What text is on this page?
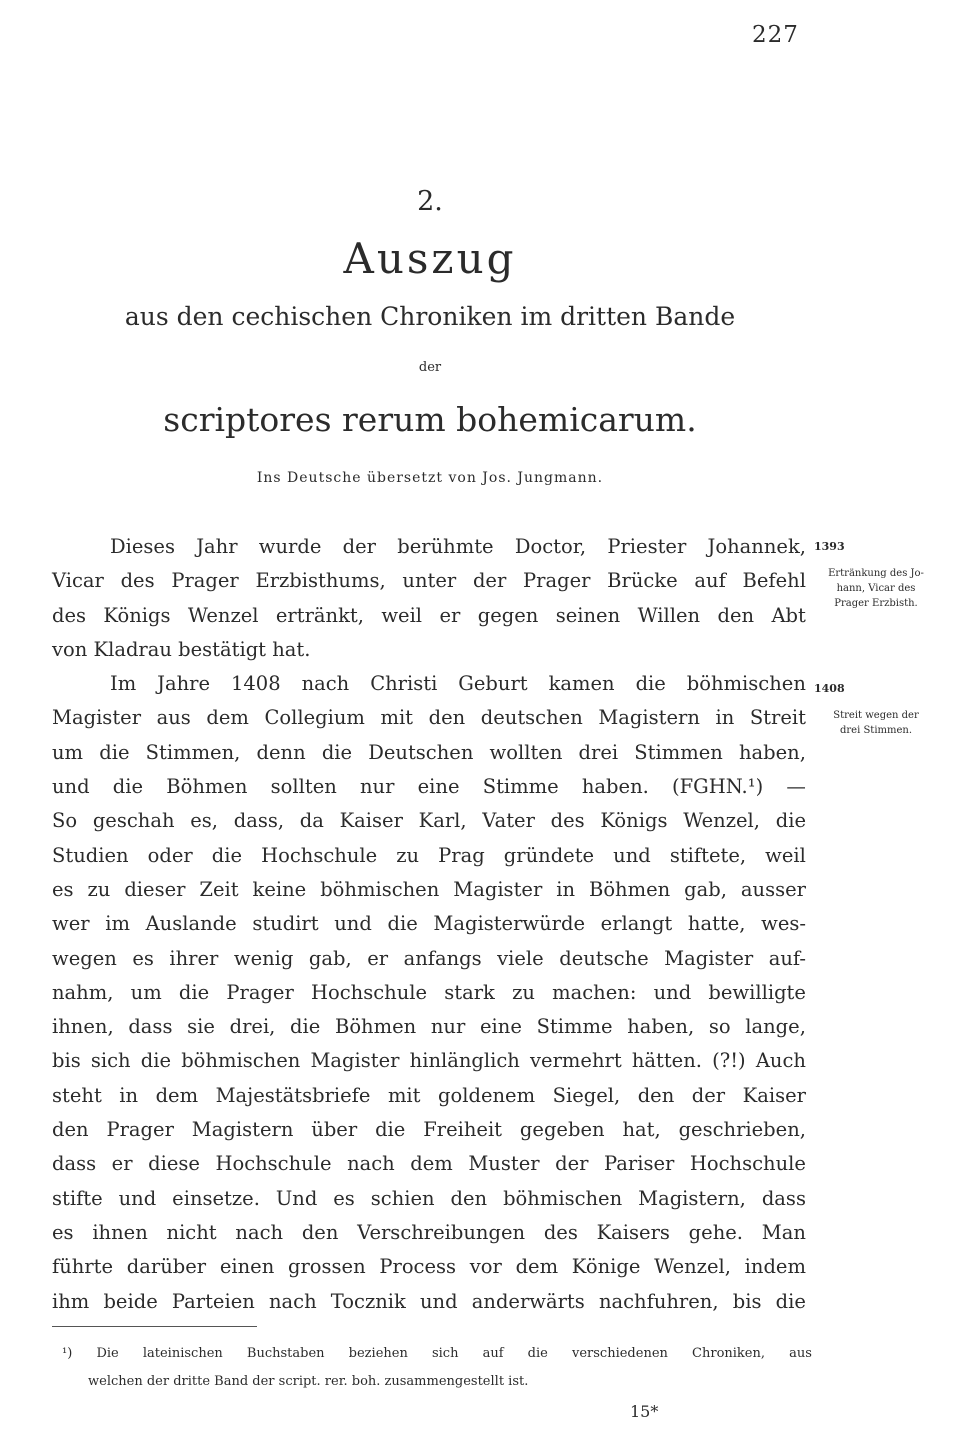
227
2.
Auszug
aus den cechischen Chroniken im dritten Bande
der
scriptores rerum bohemicarum.
Ins Deutsche übersetzt von Jos. Jungmann.
Dieses Jahr wurde der berühmte Doctor, Priester Johannek,
Vicar des Prager Erzbisthums, unter der Prager Brücke auf Befehl
des Königs Wenzel ertränkt, weil er gegen seinen Willen den Abt
von Kladrau bestätigt hat.
Im Jahre 1408 nach Christi Geburt kamen die böhmischen
Magister aus dem Collegium mit den deutschen Magistern in Streit
um die Stimmen, denn die Deutschen wollten drei Stimmen haben,
und die Böhmen sollten nur eine Stimme haben. (FGHN.¹) —
So geschah es, dass, da Kaiser Karl, Vater des Königs Wenzel, die
Studien oder die Hochschule zu Prag gründete und stiftete, weil
es zu dieser Zeit keine böhmischen Magister in Böhmen gab, ausser
wer im Auslande studirt und die Magisterwürde erlangt hatte, wes-
wegen es ihrer wenig gab, er anfangs viele deutsche Magister auf-
nahm, um die Prager Hochschule stark zu machen: und bewilligte
ihnen, dass sie drei, die Böhmen nur eine Stimme haben, so lange,
bis sich die böhmischen Magister hinlänglich vermehrt hätten. (?!) Auch
steht in dem Majestätsbriefe mit goldenem Siegel, den der Kaiser
den Prager Magistern über die Freiheit gegeben hat, geschrieben,
dass er diese Hochschule nach dem Muster der Pariser Hochschule
stifte und einsetze. Und es schien den böhmischen Magistern, dass
es ihnen nicht nach den Verschreibungen des Kaisers gehe. Man
führte darüber einen grossen Process vor dem Könige Wenzel, indem
ihm beide Parteien nach Tocznik und anderwärts nachfuhren, bis die
1393
Ertränkung des Jo-
hann, Vicar des
Prager Erzbisth.
1408
Streit wegen der
drei Stimmen.
¹) Die lateinischen Buchstaben beziehen sich auf die verschiedenen Chroniken, aus
welchen der dritte Band der script. rer. boh. zusammengestellt ist.
15*
